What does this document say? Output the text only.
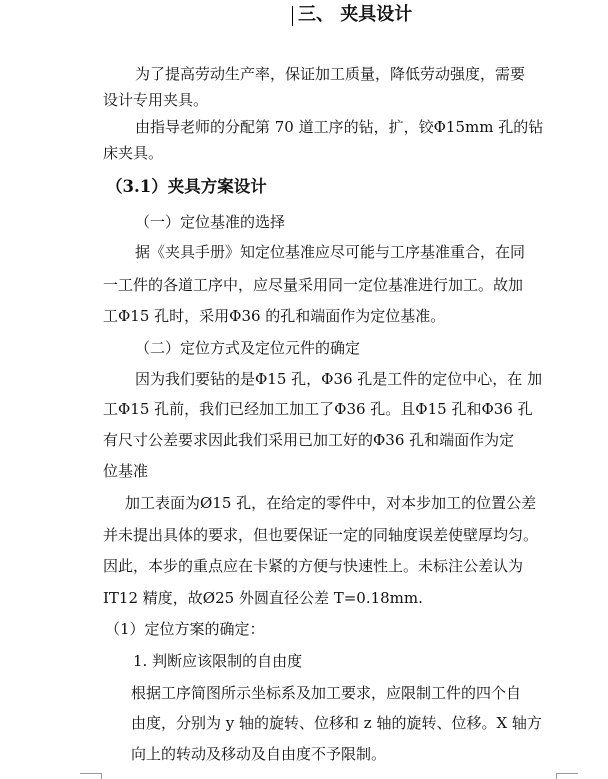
三、 夹具设计
为了提高劳动生产率，保证加工质量，降低劳动强度，需要
设计专用夹具。
由指导老师的分配第 70 道工序的钻，扩，铰Φ15mm 孔的钻
床夹具。
（3.1）夹具方案设计
（一）定位基准的选择
据《夹具手册》知定位基准应尽可能与工序基准重合，在同
一工件的各道工序中，应尽量采用同一定位基准进行加工。故加
工Φ15 孔时，采用Φ36 的孔和端面作为定位基准。
（二）定位方式及定位元件的确定
因为我们要钻的是Φ15 孔，Φ36 孔是工件的定位中心，在 加
工Φ15 孔前，我们已经加工加工了Φ36 孔。且Φ15 孔和Φ36 孔
有尺寸公差要求因此我们采用已加工好的Φ36 孔和端面作为定
位基准
加工表面为Ø15 孔，在给定的零件中，对本步加工的位置公差
并未提出具体的要求，但也要保证一定的同轴度误差使壁厚均匀。
因此，本步的重点应在卡紧的方便与快速性上。未标注公差认为
IT12 精度，故Ø25 外圆直径公差 T=0.18mm.
（1）定位方案的确定：
1. 判断应该限制的自由度
根据工序简图所示坐标系及加工要求，应限制工件的四个自
由度，分别为 y 轴的旋转、位移和 z 轴的旋转、位移。X 轴方
向上的转动及移动及自由度不予限制。
